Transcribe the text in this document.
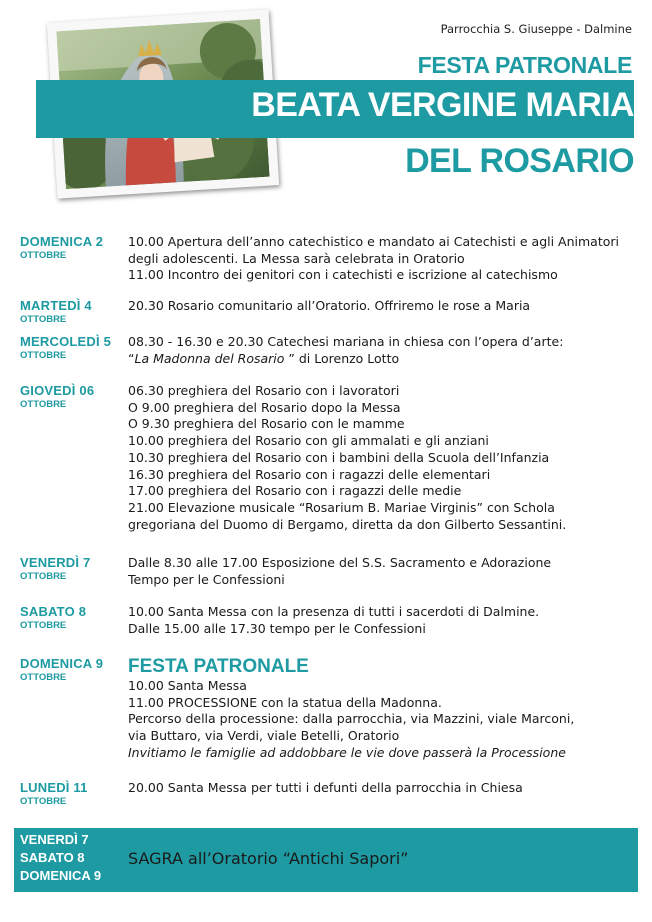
Parrocchia S. Giuseppe - Dalmine
FESTA PATRONALE
BEATA VERGINE MARIA
DEL ROSARIO
DOMENICA 2
OTTOBRE
10.00 Apertura dell’anno catechistico e mandato ai Catechisti e agli Animatori
degli adolescenti. La Messa sarà celebrata in Oratorio
11.00 Incontro dei genitori con i catechisti e iscrizione al catechismo
MARTEDÌ 4
OTTOBRE
20.30 Rosario comunitario all’Oratorio. Offriremo le rose a Maria
MERCOLEDÌ 5
OTTOBRE
08.30 - 16.30 e 20.30 Catechesi mariana in chiesa con l’opera d’arte:
“La Madonna del Rosario ” di Lorenzo Lotto
GIOVEDÌ 06
OTTOBRE
06.30 preghiera del Rosario con i lavoratori
O 9.00 preghiera del Rosario dopo la Messa
O 9.30 preghiera del Rosario con le mamme
10.00 preghiera del Rosario con gli ammalati e gli anziani
10.30 preghiera del Rosario con i bambini della Scuola dell’Infanzia
16.30 preghiera del Rosario con i ragazzi delle elementari
17.00 preghiera del Rosario con i ragazzi delle medie
21.00 Elevazione musicale “Rosarium B. Mariae Virginis” con Schola
gregoriana del Duomo di Bergamo, diretta da don Gilberto Sessantini.
VENERDÌ 7
OTTOBRE
Dalle 8.30 alle 17.00 Esposizione del S.S. Sacramento e Adorazione
Tempo per le Confessioni
SABATO 8
OTTOBRE
10.00 Santa Messa con la presenza di tutti i sacerdoti di Dalmine.
Dalle 15.00 alle 17.30 tempo per le Confessioni
DOMENICA 9
OTTOBRE
FESTA PATRONALE
10.00 Santa Messa
11.00 PROCESSIONE con la statua della Madonna.
Percorso della processione: dalla parrocchia, via Mazzini, viale Marconi,
via Buttaro, via Verdi, viale Betelli, Oratorio
Invitiamo le famiglie ad addobbare le vie dove passerà la Processione
LUNEDÌ 11
OTTOBRE
20.00 Santa Messa per tutti i defunti della parrocchia in Chiesa
VENERDÌ 7
SABATO 8
DOMENICA 9
SAGRA all’Oratorio “Antichi Sapori”
